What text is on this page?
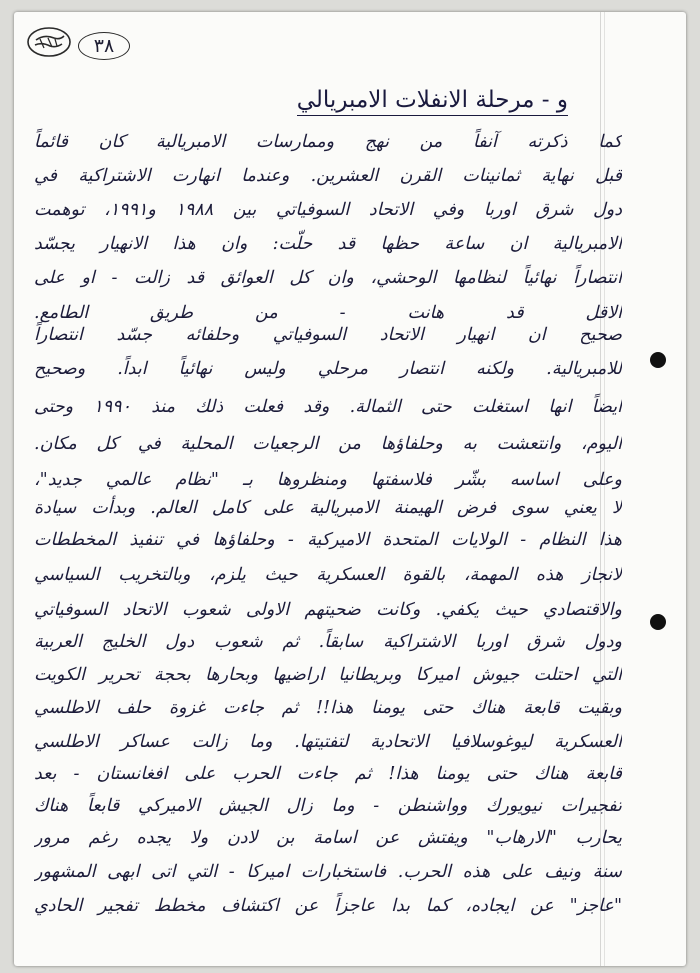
٣٨
و - مرحلة الانفلات الامبريالي
كما ذكرته آنفاً من نهج وممارسات الامبريالية كان قائماً
قبل نهاية ثمانينات القرن العشرين. وعندما انهارت الاشتراكية في
دول شرق اوربا وفي الاتحاد السوفياتي بين ١٩٨٨ و١٩٩١، توهمت
الامبريالية ان ساعة حظها قد حلّت: وان هذا الانهيار يجسّد
انتصاراً نهائياً لنظامها الوحشي، وان كل العوائق قد زالت - او على
الاقل قد هانت - من طريق الطامع.
صحيح ان انهيار الاتحاد السوفياتي وحلفائه جسّد انتصاراً
للامبريالية. ولكنه انتصار مرحلي وليس نهائياً ابداً. وصحيح
ايضاً انها استغلت حتى الثمالة. وقد فعلت ذلك منذ ١٩٩٠ وحتى
اليوم، وانتعشت به وحلفاؤها من الرجعيات المحلية في كل مكان.
وعلى اساسه بشّر فلاسفتها ومنظروها بـ "نظام عالمي جديد"،
لا يعني سوى فرض الهيمنة الامبريالية على كامل العالم. وبدأت سيادة
هذا النظام - الولايات المتحدة الاميركية - وحلفاؤها في تنفيذ المخططات
لانجاز هذه المهمة، بالقوة العسكرية حيث يلزم، وبالتخريب السياسي
والاقتصادي حيث يكفي. وكانت ضحيتهم الاولى شعوب الاتحاد السوفياتي
ودول شرق اوربا الاشتراكية سابقاً. ثم شعوب دول الخليج العربية
التي احتلت جيوش اميركا وبريطانيا اراضيها وبحارها بحجة تحرير الكويت
وبقيت قابعة هناك حتى يومنا هذا!! ثم جاءت غزوة حلف الاطلسي
العسكرية ليوغوسلافيا الاتحادية لتفتيتها. وما زالت عساكر الاطلسي
قابعة هناك حتى يومنا هذا! ثم جاءت الحرب على افغانستان - بعد
تفجيرات نيويورك وواشنطن - وما زال الجيش الاميركي قابعاً هناك
يحارب "الارهاب" ويفتش عن اسامة بن لادن ولا يجده رغم مرور
سنة ونيف على هذه الحرب. فاستخبارات اميركا - التي اتى ابهى المشهور
"عاجز" عن ايجاده، كما بدا عاجزاً عن اكتشاف مخطط تفجير الحادي
